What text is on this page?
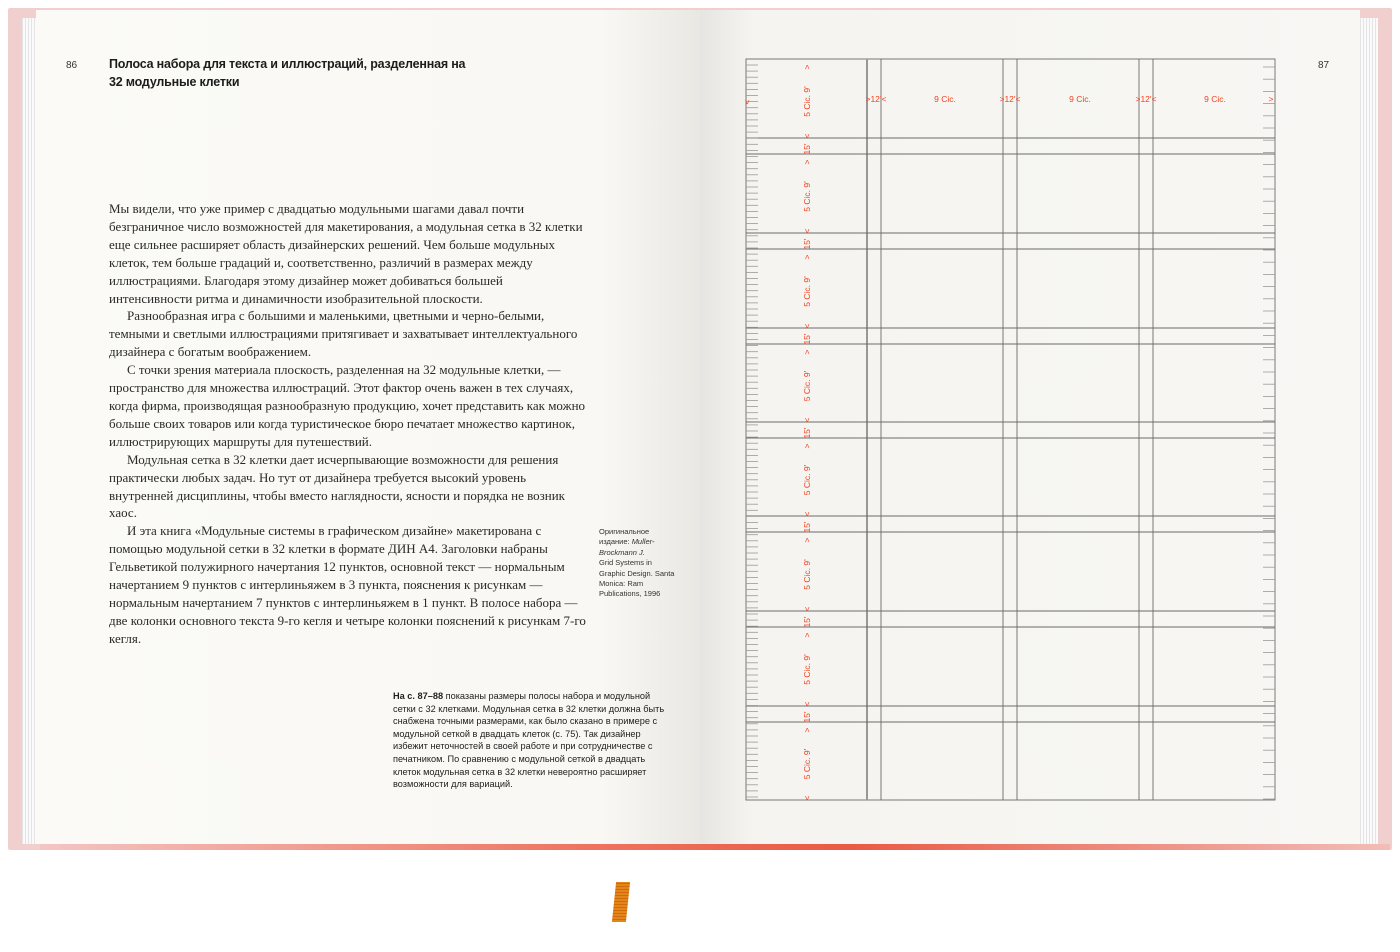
86	Полоса набора для текста и иллюстраций, разделенная на 32 модульные клетки

Мы видели, что уже пример с двадцатью модульными шагами давал почти безграничное число возможностей для макетирования, а модульная сетка в 32 клетки еще сильнее расширяет область дизайнерских решений. Чем больше модульных клеток, тем больше градаций и, соответственно, различий в размерах между иллюстрациями. Благодаря этому дизайнер может добиваться большей интенсивности ритма и динамичности изобразительной плоскости.

Разнообразная игра с большими и маленькими, цветными и черно-белыми, темными и светлыми иллюстрациями притягивает и захватывает интеллектуального дизайнера с богатым воображением.

С точки зрения материала плоскость, разделенная на 32 модульные клетки, — пространство для множества иллюстраций. Этот фактор очень важен в тех случаях, когда фирма, производящая разнообразную продукцию, хочет представить как можно больше своих товаров или когда туристическое бюро печатает множество картинок, иллюстрирующих маршруты для путешествий.

Модульная сетка в 32 клетки дает исчерпывающие возможности для решения практически любых задач. Но тут от дизайнера требуется высокий уровень внутренней дисциплины, чтобы вместо наглядности, ясности и порядка не возник хаос.

И эта книга «Модульные системы в графическом дизайне» макетирована с помощью модульной сетки в 32 клетки в формате ДИН А4. Заголовки набраны Гельветикой полужирного начертания 12 пунктов, основной текст — нормальным начертанием 9 пунктов с интерлиньяжем в 3 пункта, пояснения к рисункам — нормальным начертанием 7 пунктов с интерлиньяжем в 1 пункт. В полосе набора — две колонки основного текста 9-го кегля и четыре колонки пояснений к рисункам 7-го кегля.

Оригинальное издание: Muller-Brockmann J.
Grid Systems in Graphic Design. Santa Monica: Ram Publications, 1996
На с. 87–88 показаны размеры полосы набора и модульной сетки с 32 клетками. Модульная сетка в 32 клетки должна быть снабжена точными размерами, как было сказано в примере с модульной сеткой в двадцать клеток (с. 75). Так дизайнер избежит неточностей в своей работе и при сотрудничестве с печатником. По сравнению с модульной сеткой в двадцать клеток модульная сетка в 32 клетки невероятно расширяет возможности для вариаций.
87
<	>12'<	9 Cic.	>12'<	9 Cic.	>12'<	9 Cic.	>
5 Cic. 9'
>
<
5 Cic. 9'
>
<
5 Cic. 9'
>
<
5 Cic. 9'
>
<
5 Cic. 9'
>
<
5 Cic. 9'
>
<
5 Cic. 9'
>
<
5 Cic. 9'
>
<
15'
15'
15'
15'
15'
15'
15'
